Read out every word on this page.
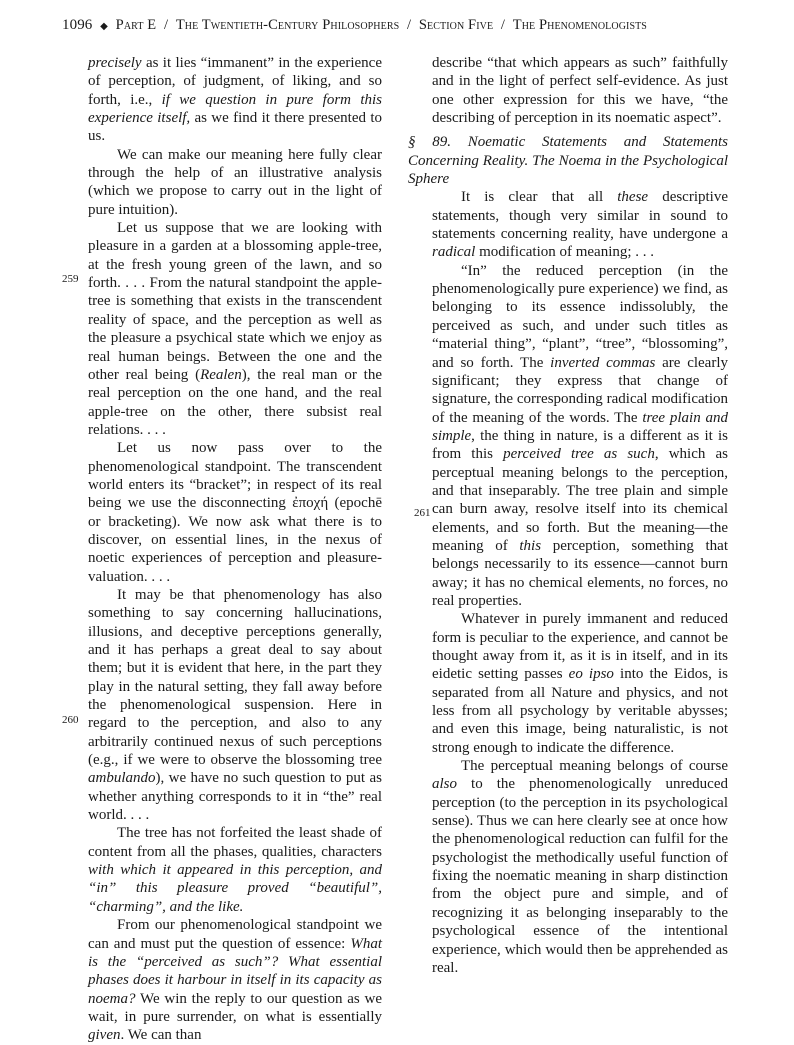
1096 ◆ Part E / The Twentieth-Century Philosophers / Section Five / The Phenomenologists
259
260
261

precisely as it lies “immanent” in the experience of perception, of judgment, of liking, and so forth, i.e., if we question in pure form this experience itself, as we find it there presented to us.

We can make our meaning here fully clear through the help of an illustrative analysis (which we propose to carry out in the light of pure intuition).

Let us suppose that we are looking with pleasure in a garden at a blossoming apple-tree, at the fresh young green of the lawn, and so forth. . . . From the natural standpoint the apple-tree is something that exists in the transcendent reality of space, and the perception as well as the pleasure a psychical state which we enjoy as real human beings. Between the one and the other real being (Realen), the real man or the real perception on the one hand, and the real apple-tree on the other, there subsist real relations. . . .

Let us now pass over to the phenomenological standpoint. The transcendent world enters its “bracket”; in respect of its real being we use the disconnecting ἐποχή (epochē or bracketing). We now ask what there is to discover, on essential lines, in the nexus of noetic experiences of perception and pleasure-valuation. . . .

It may be that phenomenology has also something to say concerning hallucinations, illusions, and deceptive perceptions generally, and it has perhaps a great deal to say about them; but it is evident that here, in the part they play in the natural setting, they fall away before the phenomenological suspension. Here in regard to the perception, and also to any arbitrarily continued nexus of such perceptions (e.g., if we were to observe the blossoming tree ambulando), we have no such question to put as whether anything corresponds to it in “the” real world. . . .

The tree has not forfeited the least shade of content from all the phases, qualities, characters with which it appeared in this perception, and “in” this pleasure proved “beautiful”, “charming”, and the like.

From our phenomenological standpoint we can and must put the question of essence: What is the “perceived as such”? What essential phases does it harbour in itself in its capacity as noema? We win the reply to our question as we wait, in pure surrender, on what is essentially given. We can than

describe “that which appears as such” faithfully and in the light of perfect self-evidence. As just one other expression for this we have, “the describing of perception in its noematic aspect”.

§ 89. Noematic Statements and Statements Concerning Reality. The Noema in the Psychological Sphere

It is clear that all these descriptive statements, though very similar in sound to statements concerning reality, have undergone a radical modification of meaning; . . .

“In” the reduced perception (in the phenomenologically pure experience) we find, as belonging to its essence indissolubly, the perceived as such, and under such titles as “material thing”, “plant”, “tree”, “blossoming”, and so forth. The inverted commas are clearly significant; they express that change of signature, the corresponding radical modification of the meaning of the words. The tree plain and simple, the thing in nature, is a different as it is from this perceived tree as such, which as perceptual meaning belongs to the perception, and that inseparably. The tree plain and simple can burn away, resolve itself into its chemical elements, and so forth. But the meaning—the meaning of this perception, something that belongs necessarily to its essence—cannot burn away; it has no chemical elements, no forces, no real properties.

Whatever in purely immanent and reduced form is peculiar to the experience, and cannot be thought away from it, as it is in itself, and in its eidetic setting passes eo ipso into the Eidos, is separated from all Nature and physics, and not less from all psychology by veritable abysses; and even this image, being naturalistic, is not strong enough to indicate the difference.

The perceptual meaning belongs of course also to the phenomenologically unreduced perception (to the perception in its psychological sense). Thus we can here clearly see at once how the phenomenological reduction can fulfil for the psychologist the methodically useful function of fixing the noematic meaning in sharp distinction from the object pure and simple, and of recognizing it as belonging inseparably to the psychological essence of the intentional experience, which would then be apprehended as real.
